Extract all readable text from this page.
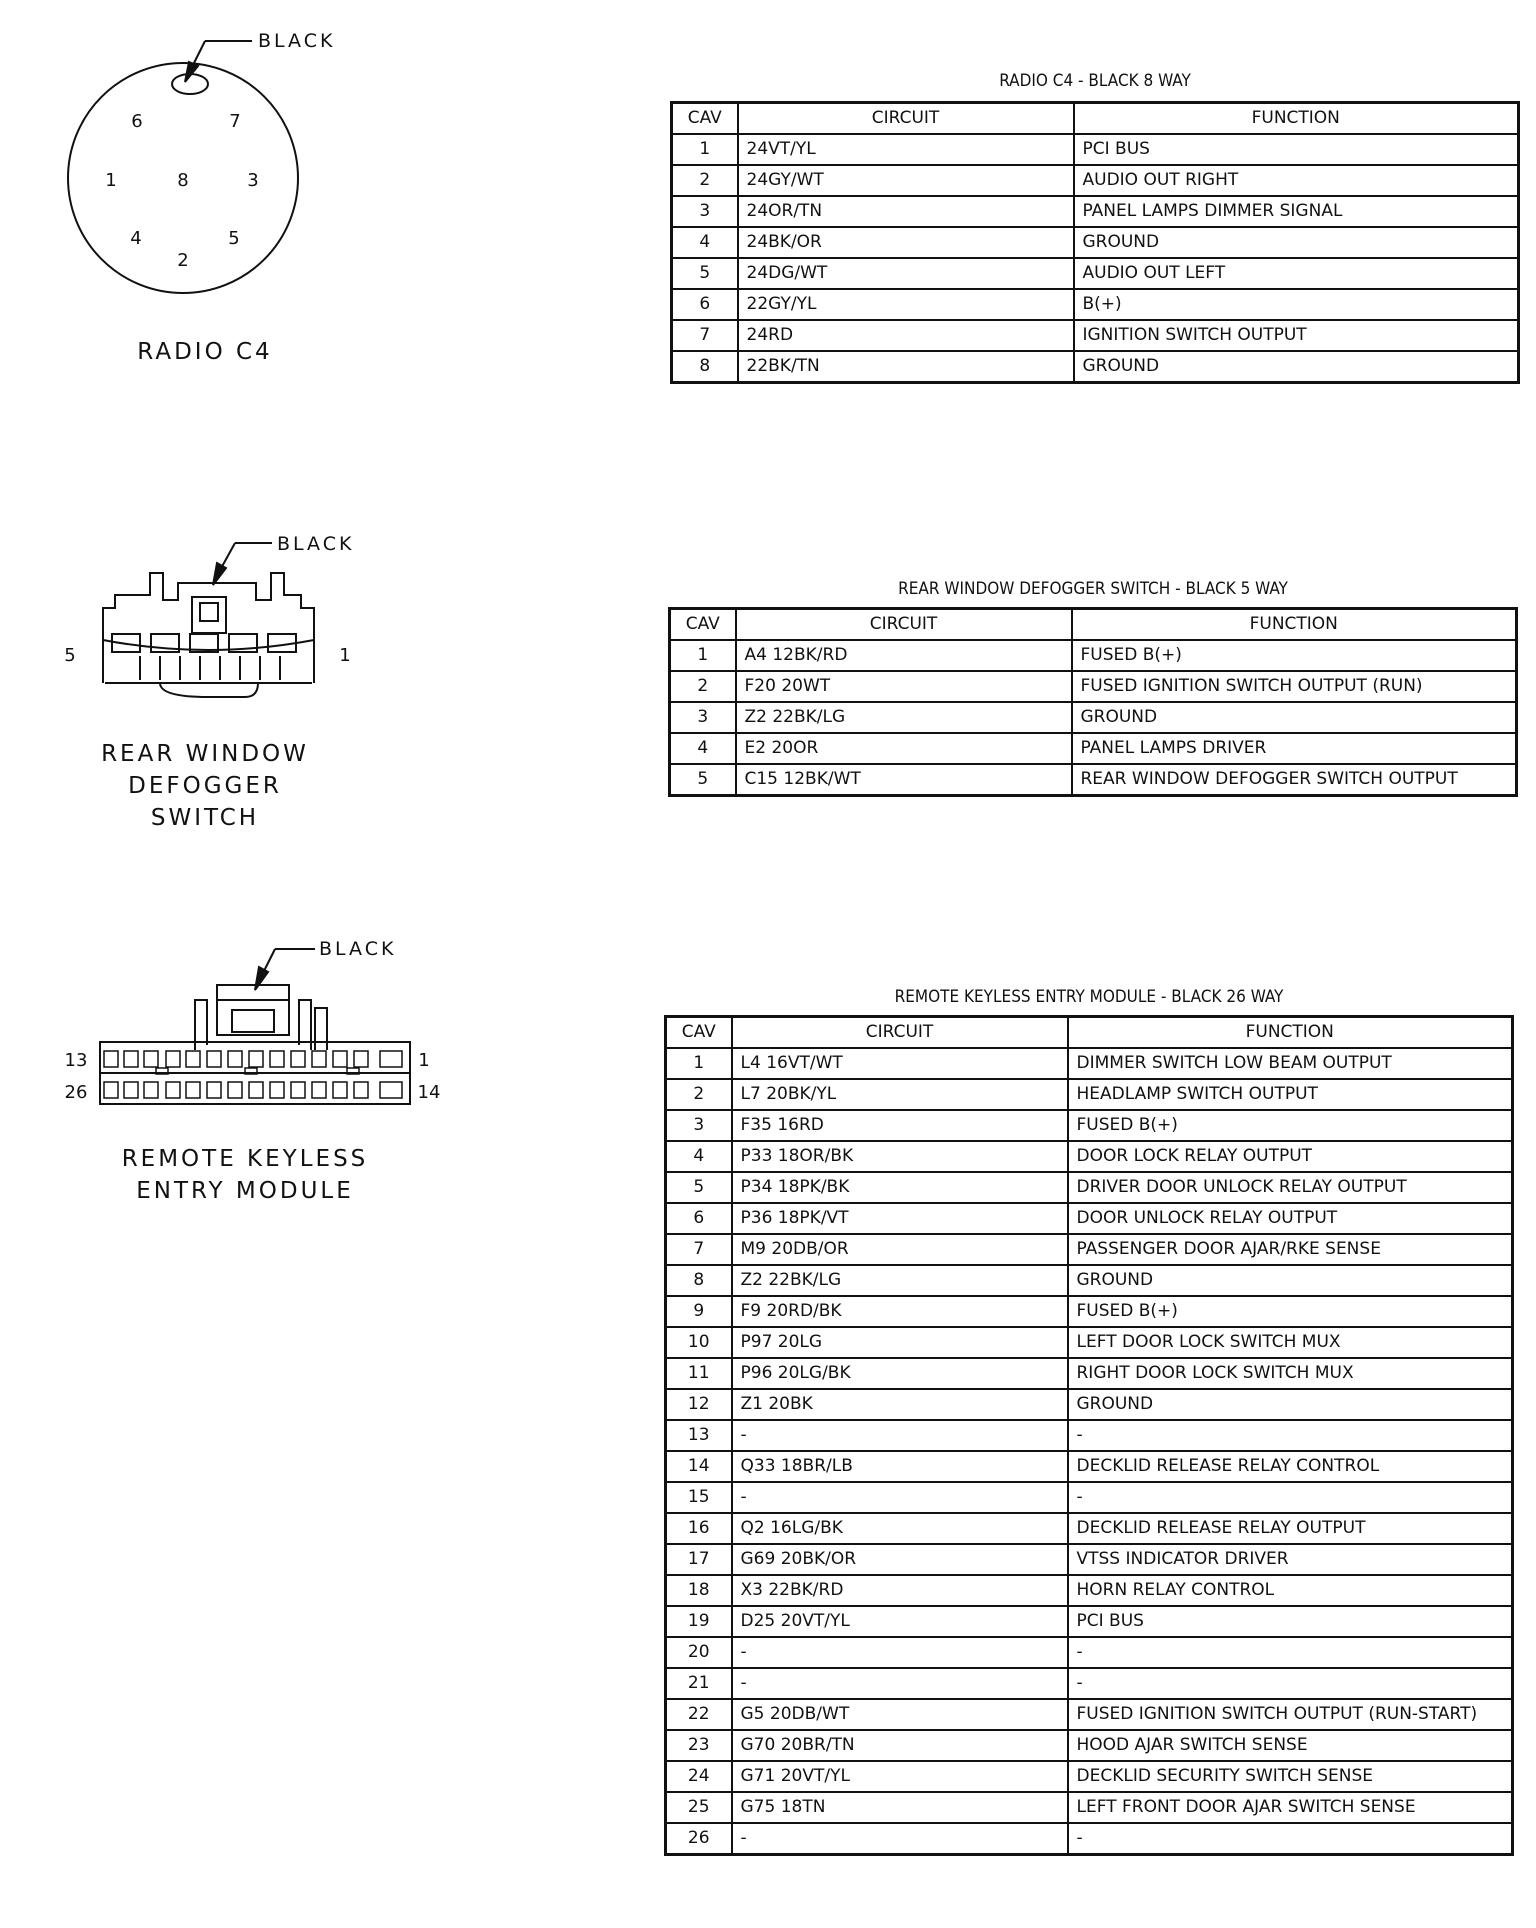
6	7
1	8	3
4	5
2
5	1
13	1
26	14
BLACK
BLACK
BLACK
RADIO C4
REAR WINDOW
DEFOGGER
SWITCH
REMOTE KEYLESS
ENTRY MODULE
RADIO C4 - BLACK 8 WAY
CAV	CIRCUIT	FUNCTION
1	24VT/YL	PCI BUS
2	24GY/WT	AUDIO OUT RIGHT
3	24OR/TN	PANEL LAMPS DIMMER SIGNAL
4	24BK/OR	GROUND
5	24DG/WT	AUDIO OUT LEFT
6	22GY/YL	B(+)
7	24RD	IGNITION SWITCH OUTPUT
8	22BK/TN	GROUND
REAR WINDOW DEFOGGER SWITCH - BLACK 5 WAY
CAV	CIRCUIT	FUNCTION
1	A4 12BK/RD	FUSED B(+)
2	F20 20WT	FUSED IGNITION SWITCH OUTPUT (RUN)
3	Z2 22BK/LG	GROUND
4	E2 20OR	PANEL LAMPS DRIVER
5	C15 12BK/WT	REAR WINDOW DEFOGGER SWITCH OUTPUT
REMOTE KEYLESS ENTRY MODULE - BLACK 26 WAY
CAV	CIRCUIT	FUNCTION
1	L4 16VT/WT	DIMMER SWITCH LOW BEAM OUTPUT
2	L7 20BK/YL	HEADLAMP SWITCH OUTPUT
3	F35 16RD	FUSED B(+)
4	P33 18OR/BK	DOOR LOCK RELAY OUTPUT
5	P34 18PK/BK	DRIVER DOOR UNLOCK RELAY OUTPUT
6	P36 18PK/VT	DOOR UNLOCK RELAY OUTPUT
7	M9 20DB/OR	PASSENGER DOOR AJAR/RKE SENSE
8	Z2 22BK/LG	GROUND
9	F9 20RD/BK	FUSED B(+)
10	P97 20LG	LEFT DOOR LOCK SWITCH MUX
11	P96 20LG/BK	RIGHT DOOR LOCK SWITCH MUX
12	Z1 20BK	GROUND
13	-	-
14	Q33 18BR/LB	DECKLID RELEASE RELAY CONTROL
15	-	-
16	Q2 16LG/BK	DECKLID RELEASE RELAY OUTPUT
17	G69 20BK/OR	VTSS INDICATOR DRIVER
18	X3 22BK/RD	HORN RELAY CONTROL
19	D25 20VT/YL	PCI BUS
20	-	-
21	-	-
22	G5 20DB/WT	FUSED IGNITION SWITCH OUTPUT (RUN-START)
23	G70 20BR/TN	HOOD AJAR SWITCH SENSE
24	G71 20VT/YL	DECKLID SECURITY SWITCH SENSE
25	G75 18TN	LEFT FRONT DOOR AJAR SWITCH SENSE
26	-	-
